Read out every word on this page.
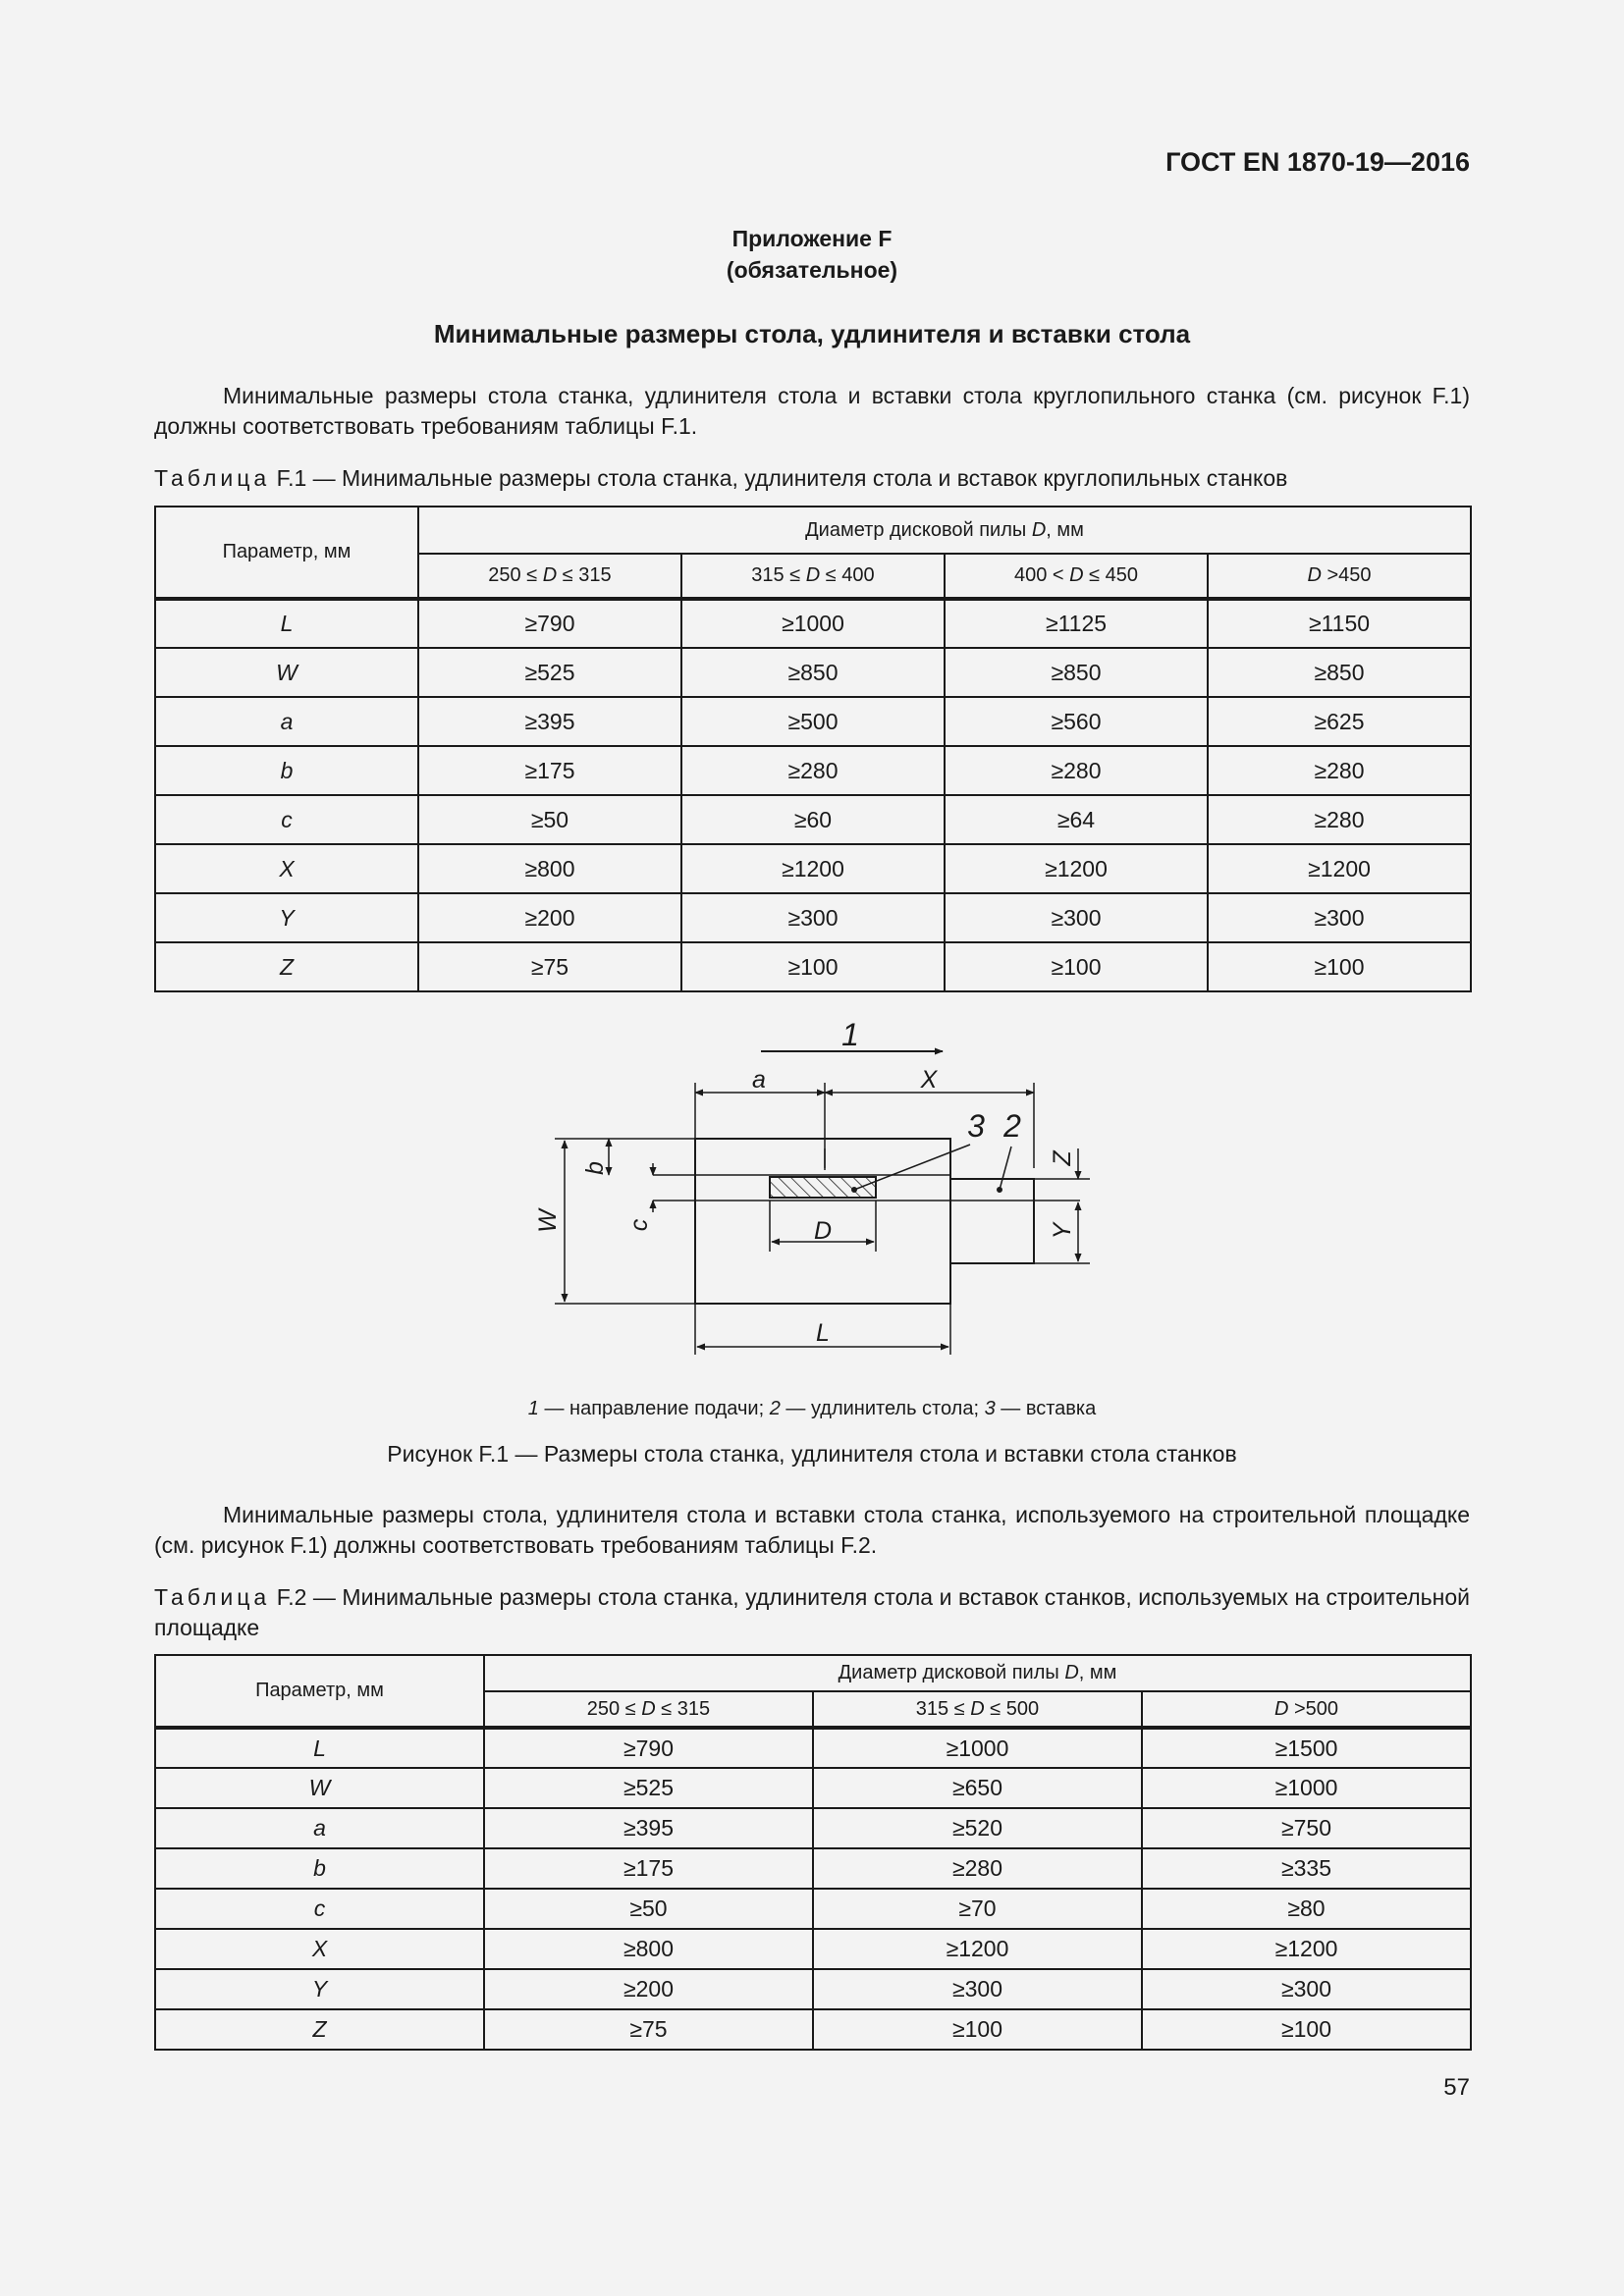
ГОСТ EN 1870-19—2016
Приложение F
(обязательное)
Минимальные размеры стола, удлинителя и вставки стола
Минимальные размеры стола станка, удлинителя стола и вставки стола круглопильного станка (см. рисунок F.1) должны соответствовать требованиям таблицы F.1.
Таблица F.1 — Минимальные размеры стола станка, удлинителя стола и вставок круглопильных станков
Параметр, мм	Диаметр дисковой пилы D, мм			
	250 ≤ D ≤ 315	315 ≤ D ≤ 400	400 < D ≤ 450	D >450
L	≥790	≥1000	≥1125	≥1150
W	≥525	≥850	≥850	≥850
a	≥395	≥500	≥560	≥625
b	≥175	≥280	≥280	≥280
c	≥50	≥60	≥64	≥280
X	≥800	≥1200	≥1200	≥1200
Y	≥200	≥300	≥300	≥300
Z	≥75	≥100	≥100	≥100
1
a	X
3 2
D
L
b
c
W
Z
Y
1 — направление подачи; 2 — удлинитель стола; 3 — вставка
Рисунок F.1 — Размеры стола станка, удлинителя стола и вставки стола станков
Минимальные размеры стола, удлинителя стола и вставки стола станка, используемого на строительной площадке (см. рисунок F.1) должны соответствовать требованиям таблицы F.2.
Таблица F.2 — Минимальные размеры стола станка, удлинителя стола и вставок станков, используемых на строительной площадке
Параметр, мм	Диаметр дисковой пилы D, мм		
	250 ≤ D ≤ 315	315 ≤ D ≤ 500	D >500
L	≥790	≥1000	≥1500
W	≥525	≥650	≥1000
a	≥395	≥520	≥750
b	≥175	≥280	≥335
c	≥50	≥70	≥80
X	≥800	≥1200	≥1200
Y	≥200	≥300	≥300
Z	≥75	≥100	≥100
57
